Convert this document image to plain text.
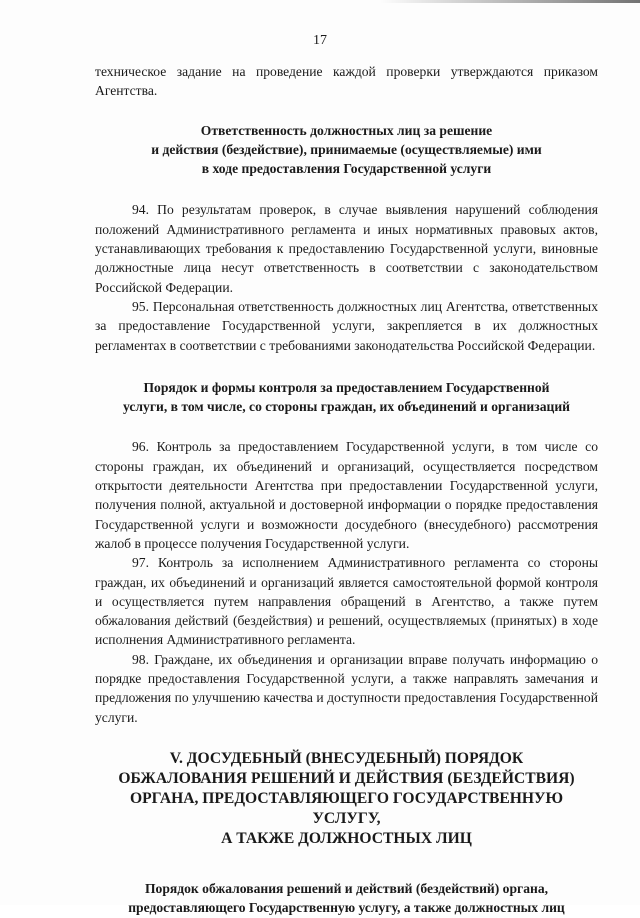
17

техническое задание на проведение каждой проверки утверждаются приказом Агентства.

Ответственность должностных лиц за решение
и действия (бездействие), принимаемые (осуществляемые) ими
в ходе предоставления Государственной услуги

94. По результатам проверок, в случае выявления нарушений соблюдения положений Административного регламента и иных нормативных правовых актов, устанавливающих требования к предоставлению Государственной услуги, виновные должностные лица несут ответственность в соответствии с законодательством Российской Федерации.

95. Персональная ответственность должностных лиц Агентства, ответственных за предоставление Государственной услуги, закрепляется в их должностных регламентах в соответствии с требованиями законодательства Российской Федерации.

Порядок и формы контроля за предоставлением Государственной
услуги, в том числе, со стороны граждан, их объединений и организаций

96. Контроль за предоставлением Государственной услуги, в том числе со стороны граждан, их объединений и организаций, осуществляется посредством открытости деятельности Агентства при предоставлении Государственной услуги, получения полной, актуальной и достоверной информации о порядке предоставления Государственной услуги и возможности досудебного (внесудебного) рассмотрения жалоб в процессе получения Государственной услуги.

97. Контроль за исполнением Административного регламента со стороны граждан, их объединений и организаций является самостоятельной формой контроля и осуществляется путем направления обращений в Агентство, а также путем обжалования действий (бездействия) и решений, осуществляемых (принятых) в ходе исполнения Административного регламента.

98. Граждане, их объединения и организации вправе получать информацию о порядке предоставления Государственной услуги, а также направлять замечания и предложения по улучшению качества и доступности предоставления Государственной услуги.

V. ДОСУДЕБНЫЙ (ВНЕСУДЕБНЫЙ) ПОРЯДОК
ОБЖАЛОВАНИЯ РЕШЕНИЙ И ДЕЙСТВИЯ (БЕЗДЕЙСТВИЯ)
ОРГАНА, ПРЕДОСТАВЛЯЮЩЕГО ГОСУДАРСТВЕННУЮ УСЛУГУ,
А ТАКЖЕ ДОЛЖНОСТНЫХ ЛИЦ
Порядок обжалования решений и действий (бездействий) органа,
предоставляющего Государственную услугу, а также должностных лиц
